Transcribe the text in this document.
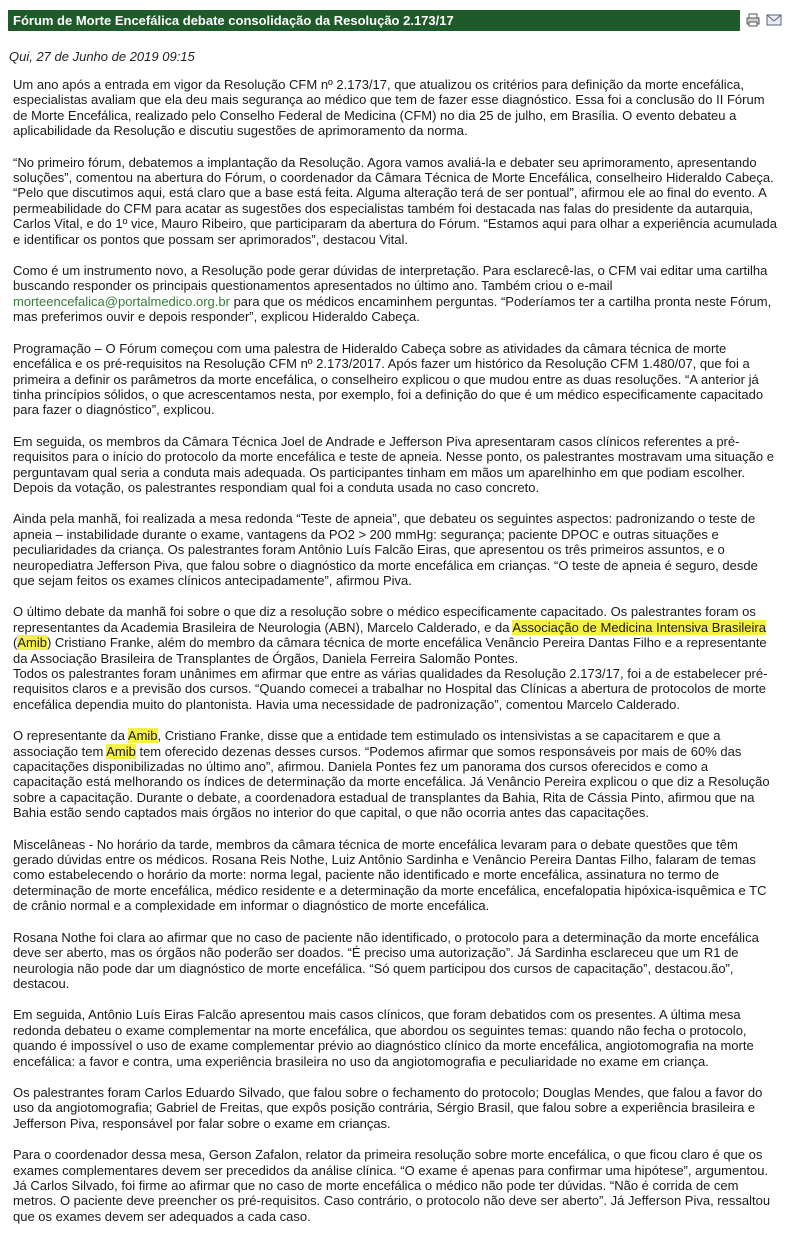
Fórum de Morte Encefálica debate consolidação da Resolução 2.173/17
Qui, 27 de Junho de 2019 09:15

Um ano após a entrada em vigor da Resolução CFM nº 2.173/17, que atualizou os critérios para definição da morte encefálica, especialistas avaliam que ela deu mais segurança ao médico que tem de fazer esse diagnóstico. Essa foi a conclusão do II Fórum de Morte Encefálica, realizado pelo Conselho Federal de Medicina (CFM) no dia 25 de julho, em Brasília. O evento debateu a aplicabilidade da Resolução e discutiu sugestões de aprimoramento da norma.

“No primeiro fórum, debatemos a implantação da Resolução. Agora vamos avaliá-la e debater seu aprimoramento, apresentando soluções”, comentou na abertura do Fórum, o coordenador da Câmara Técnica de Morte Encefálica, conselheiro Hideraldo Cabeça. “Pelo que discutimos aqui, está claro que a base está feita. Alguma alteração terá de ser pontual”, afirmou ele ao final do evento. A permeabilidade do CFM para acatar as sugestões dos especialistas também foi destacada nas falas do presidente da autarquia, Carlos Vital, e do 1º vice, Mauro Ribeiro, que participaram da abertura do Fórum. “Estamos aqui para olhar a experiência acumulada e identificar os pontos que possam ser aprimorados”, destacou Vital.

Como é um instrumento novo, a Resolução pode gerar dúvidas de interpretação. Para esclarecê-las, o CFM vai editar uma cartilha buscando responder os principais questionamentos apresentados no último ano. Também criou o e-mail morteencefalica@portalmedico.org.br para que os médicos encaminhem perguntas. “Poderíamos ter a cartilha pronta neste Fórum, mas preferimos ouvir e depois responder”, explicou Hideraldo Cabeça.

Programação – O Fórum começou com uma palestra de Hideraldo Cabeça sobre as atividades da câmara técnica de morte encefálica e os pré-requisitos na Resolução CFM nº 2.173/2017. Após fazer um histórico da Resolução CFM 1.480/07, que foi a primeira a definir os parâmetros da morte encefálica, o conselheiro explicou o que mudou entre as duas resoluções. “A anterior já tinha princípios sólidos, o que acrescentamos nesta, por exemplo, foi a definição do que é um médico especificamente capacitado para fazer o diagnóstico”, explicou.

Em seguida, os membros da Câmara Técnica Joel de Andrade e Jefferson Piva apresentaram casos clínicos referentes a pré-requisitos para o início do protocolo da morte encefálica e teste de apneia. Nesse ponto, os palestrantes mostravam uma situação e perguntavam qual seria a conduta mais adequada. Os participantes tinham em mãos um aparelhinho em que podiam escolher. Depois da votação, os palestrantes respondiam qual foi a conduta usada no caso concreto.

Ainda pela manhã, foi realizada a mesa redonda “Teste de apneia”, que debateu os seguintes aspectos: padronizando o teste de apneia – instabilidade durante o exame, vantagens da PO2 > 200 mmHg: segurança; paciente DPOC e outras situações e peculiaridades da criança. Os palestrantes foram Antônio Luís Falcão Eiras, que apresentou os três primeiros assuntos, e o neuropediatra Jefferson Piva, que falou sobre o diagnóstico da morte encefálica em crianças. “O teste de apneia é seguro, desde que sejam feitos os exames clínicos antecipadamente”, afirmou Piva.

O último debate da manhã foi sobre o que diz a resolução sobre o médico especificamente capacitado. Os palestrantes foram os representantes da Academia Brasileira de Neurologia (ABN), Marcelo Calderado, e da Associação de Medicina Intensiva Brasileira (Amib) Cristiano Franke, além do membro da câmara técnica de morte encefálica Venâncio Pereira Dantas Filho e a representante da Associação Brasileira de Transplantes de Órgãos, Daniela Ferreira Salomão Pontes.
Todos os palestrantes foram unânimes em afirmar que entre as várias qualidades da Resolução 2.173/17, foi a de estabelecer pré-requisitos claros e a previsão dos cursos. “Quando comecei a trabalhar no Hospital das Clínicas a abertura de protocolos de morte encefálica dependia muito do plantonista. Havia uma necessidade de padronização”, comentou Marcelo Calderado.

O representante da Amib, Cristiano Franke, disse que a entidade tem estimulado os intensivistas a se capacitarem e que a associação tem Amib tem oferecido dezenas desses cursos. “Podemos afirmar que somos responsáveis por mais de 60% das capacitações disponibilizadas no último ano”, afirmou. Daniela Pontes fez um panorama dos cursos oferecidos e como a capacitação está melhorando os índices de determinação da morte encefálica. Já Venâncio Pereira explicou o que diz a Resolução sobre a capacitação. Durante o debate, a coordenadora estadual de transplantes da Bahia, Rita de Cássia Pinto, afirmou que na Bahia estão sendo captados mais órgãos no interior do que capital, o que não ocorria antes das capacitações.

Miscelâneas - No horário da tarde, membros da câmara técnica de morte encefálica levaram para o debate questões que têm gerado dúvidas entre os médicos. Rosana Reis Nothe, Luiz Antônio Sardinha e Venâncio Pereira Dantas Filho, falaram de temas como estabelecendo o horário da morte: norma legal, paciente não identificado e morte encefálica, assinatura no termo de determinação de morte encefálica, médico residente e a determinação da morte encefálica, encefalopatia hipóxica-isquêmica e TC de crânio normal e a complexidade em informar o diagnóstico de morte encefálica.

Rosana Nothe foi clara ao afirmar que no caso de paciente não identificado, o protocolo para a determinação da morte encefálica deve ser aberto, mas os órgãos não poderão ser doados. “É preciso uma autorização”. Já Sardinha esclareceu que um R1 de neurologia não pode dar um diagnóstico de morte encefálica. “Só quem participou dos cursos de capacitação”, destacou.ão”, destacou.

Em seguida, Antônio Luís Eiras Falcão apresentou mais casos clínicos, que foram debatidos com os presentes. A última mesa redonda debateu o exame complementar na morte encefálica, que abordou os seguintes temas: quando não fecha o protocolo, quando é impossível o uso de exame complementar prévio ao diagnóstico clínico da morte encefálica, angiotomografia na morte encefálica: a favor e contra, uma experiência brasileira no uso da angiotomografia e peculiaridade no exame em criança.

Os palestrantes foram Carlos Eduardo Silvado, que falou sobre o fechamento do protocolo; Douglas Mendes, que falou a favor do uso da angiotomografia; Gabriel de Freitas, que expôs posição contrária, Sérgio Brasil, que falou sobre a experiência brasileira e Jefferson Piva, responsável por falar sobre o exame em crianças.

Para o coordenador dessa mesa, Gerson Zafalon, relator da primeira resolução sobre morte encefálica, o que ficou claro é que os exames complementares devem ser precedidos da análise clínica. “O exame é apenas para confirmar uma hipótese”, argumentou. Já Carlos Silvado, foi firme ao afirmar que no caso de morte encefálica o médico não pode ter dúvidas. “Não é corrida de cem metros. O paciente deve preencher os pré-requisitos. Caso contrário, o protocolo não deve ser aberto”. Já Jefferson Piva, ressaltou que os exames devem ser adequados a cada caso.
